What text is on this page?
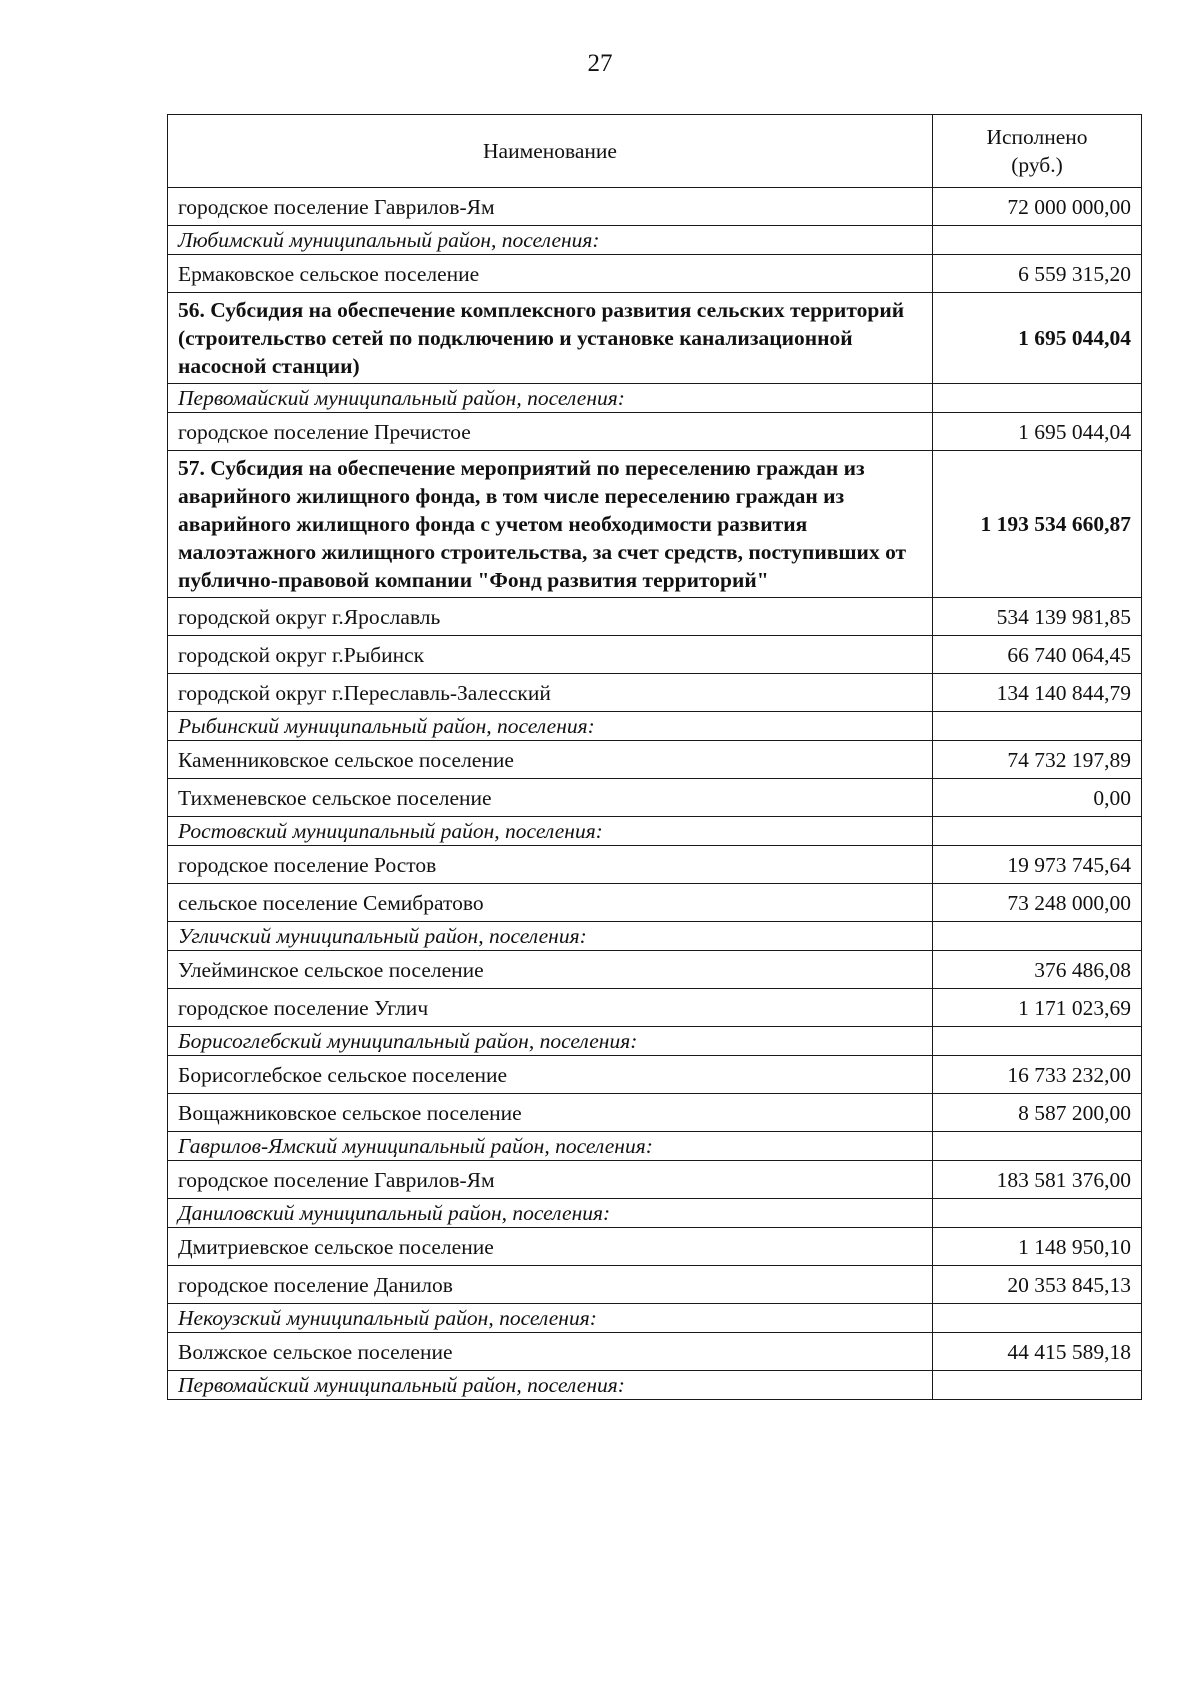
27
Наименование	Исполнено
(руб.)
городское поселение Гаврилов-Ям	72 000 000,00
Любимский муниципальный район, поселения:	
Ермаковское сельское поселение	6 559 315,20
56. Субсидия на обеспечение комплексного развития сельских территорий (строительство сетей по подключению и установке канализационной насосной станции)	1 695 044,04
Первомайский муниципальный район, поселения:	
городское поселение Пречистое	1 695 044,04
57. Субсидия на обеспечение мероприятий по переселению граждан из аварийного жилищного фонда, в том числе переселению граждан из аварийного жилищного фонда с учетом необходимости развития малоэтажного жилищного строительства, за счет средств, поступивших от публично-правовой компании "Фонд развития территорий"	1 193 534 660,87
городской округ г.Ярославль	534 139 981,85
городской округ г.Рыбинск	66 740 064,45
городской округ г.Переславль-Залесский	134 140 844,79
Рыбинский муниципальный район, поселения:	
Каменниковское сельское поселение	74 732 197,89
Тихменевское сельское поселение	0,00
Ростовский муниципальный район, поселения:	
городское поселение Ростов	19 973 745,64
сельское поселение Семибратово	73 248 000,00
Угличский муниципальный район, поселения:	
Улейминское сельское поселение	376 486,08
городское поселение Углич	1 171 023,69
Борисоглебский муниципальный район, поселения:	
Борисоглебское сельское поселение	16 733 232,00
Вощажниковское сельское поселение	8 587 200,00
Гаврилов-Ямский муниципальный район, поселения:	
городское поселение Гаврилов-Ям	183 581 376,00
Даниловский муниципальный район, поселения:	
Дмитриевское сельское поселение	1 148 950,10
городское поселение Данилов	20 353 845,13
Некоузский муниципальный район, поселения:	
Волжское сельское поселение	44 415 589,18
Первомайский муниципальный район, поселения:	
